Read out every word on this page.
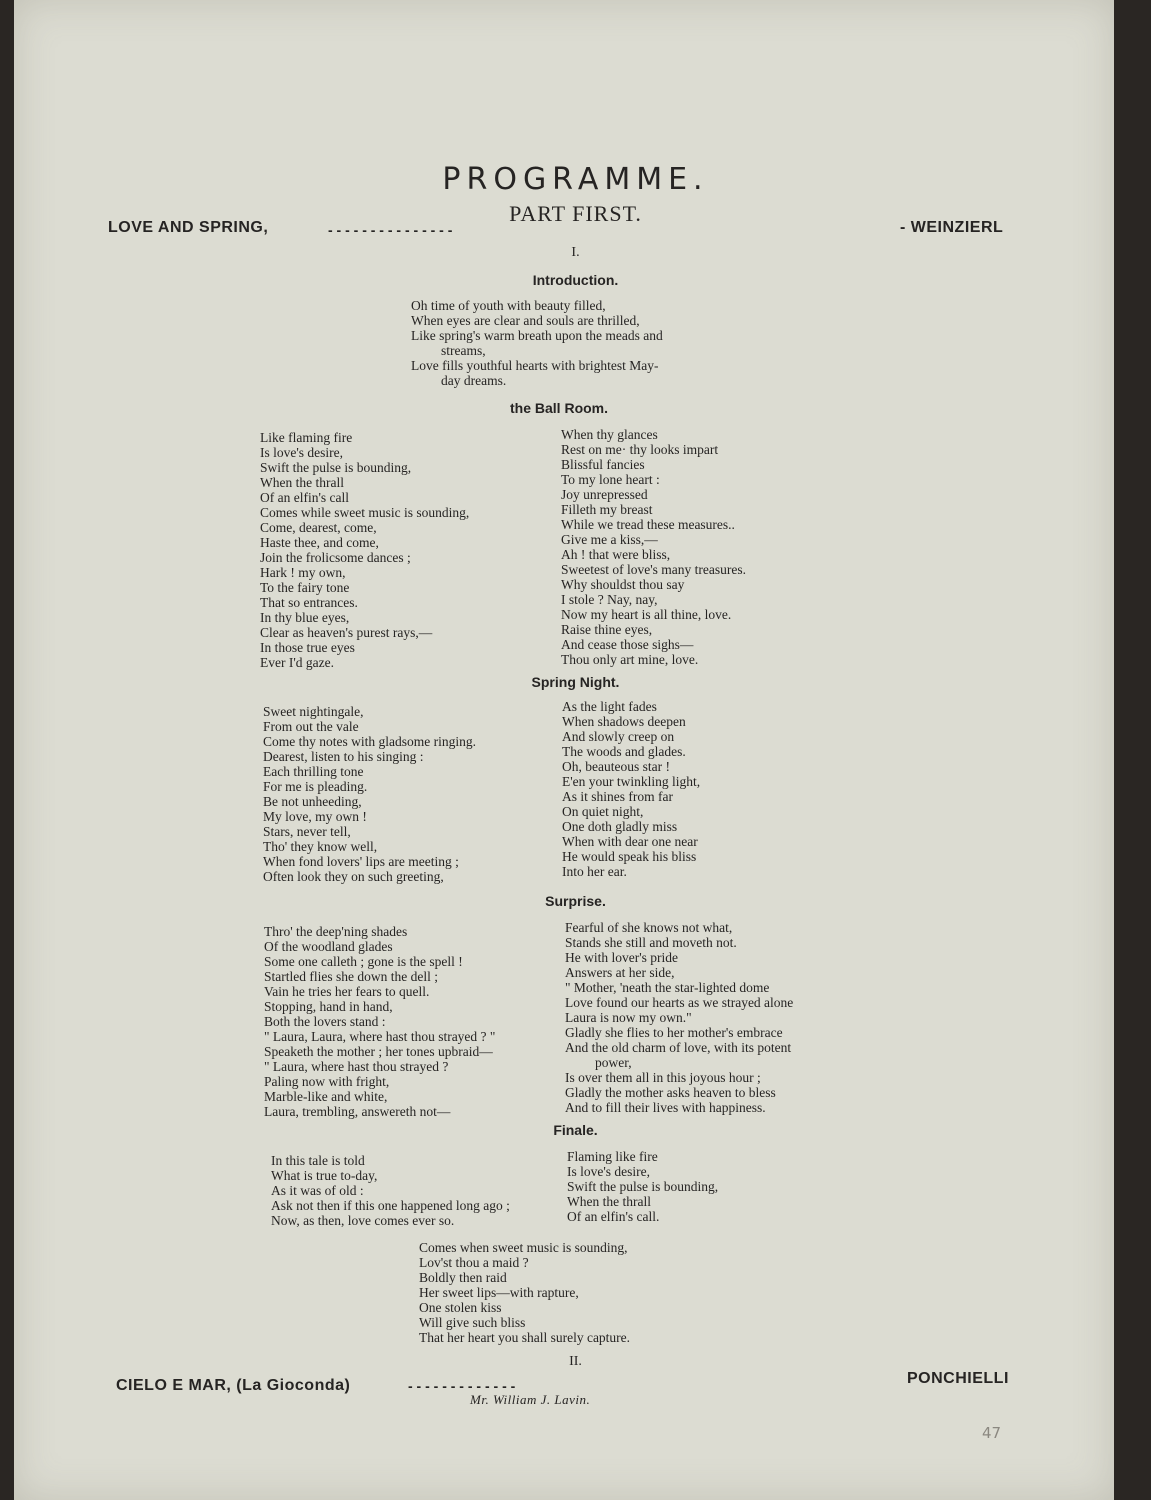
PROGRAMME.
PART FIRST.
LOVE AND SPRING,	- - - - - - - - - - - - - - -	- WEINZIERL
I.
Introduction.
Oh time of youth with beauty filled,
When eyes are clear and souls are thrilled,
Like spring's warm breath upon the meads and
streams,
Love fills youthful hearts with brightest May-
day dreams.
the Ball Room.
Like flaming fire
Is love's desire,
Swift the pulse is bounding,
When the thrall
Of an elfin's call
Comes while sweet music is sounding,
Come, dearest, come,
Haste thee, and come,
Join the frolicsome dances ;
Hark ! my own,
To the fairy tone
That so entrances.
In thy blue eyes,
Clear as heaven's purest rays,—
In those true eyes
Ever I'd gaze.
When thy glances
Rest on me· thy looks impart
Blissful fancies
To my lone heart :
Joy unrepressed
Filleth my breast
While we tread these measures..
Give me a kiss,—
Ah ! that were bliss,
Sweetest of love's many treasures.
Why shouldst thou say
I stole ? Nay, nay,
Now my heart is all thine, love.
Raise thine eyes,
And cease those sighs—
Thou only art mine, love.
Spring Night.
Sweet nightingale,
From out the vale
Come thy notes with gladsome ringing.
Dearest, listen to his singing :
Each thrilling tone
For me is pleading.
Be not unheeding,
My love, my own !
Stars, never tell,
Tho' they know well,
When fond lovers' lips are meeting ;
Often look they on such greeting,
As the light fades
When shadows deepen
And slowly creep on
The woods and glades.
Oh, beauteous star !
E'en your twinkling light,
As it shines from far
On quiet night,
One doth gladly miss
When with dear one near
He would speak his bliss
Into her ear.
Surprise.
Thro' the deep'ning shades
Of the woodland glades
Some one calleth ; gone is the spell !
Startled flies she down the dell ;
Vain he tries her fears to quell.
Stopping, hand in hand,
Both the lovers stand :
" Laura, Laura, where hast thou strayed ? "
Speaketh the mother ; her tones upbraid—
" Laura, where hast thou strayed ?
Paling now with fright,
Marble-like and white,
Laura, trembling, answereth not—
Fearful of she knows not what,
Stands she still and moveth not.
He with lover's pride
Answers at her side,
" Mother, 'neath the star-lighted dome
Love found our hearts as we strayed alone
Laura is now my own."
Gladly she flies to her mother's embrace
And the old charm of love, with its potent
power,
Is over them all in this joyous hour ;
Gladly the mother asks heaven to bless
And to fill their lives with happiness.
Finale.
In this tale is told
What is true to-day,
As it was of old :
Ask not then if this one happened long ago ;
Now, as then, love comes ever so.
Flaming like fire
Is love's desire,
Swift the pulse is bounding,
When the thrall
Of an elfin's call.
Comes when sweet music is sounding,
Lov'st thou a maid ?
Boldly then raid
Her sweet lips—with rapture,
One stolen kiss
Will give such bliss
That her heart you shall surely capture.
II.
CIELO E MAR, (La Gioconda)	- - - - - - - - - - - - -	PONCHIELLI
Mr. William J. Lavin.
47
